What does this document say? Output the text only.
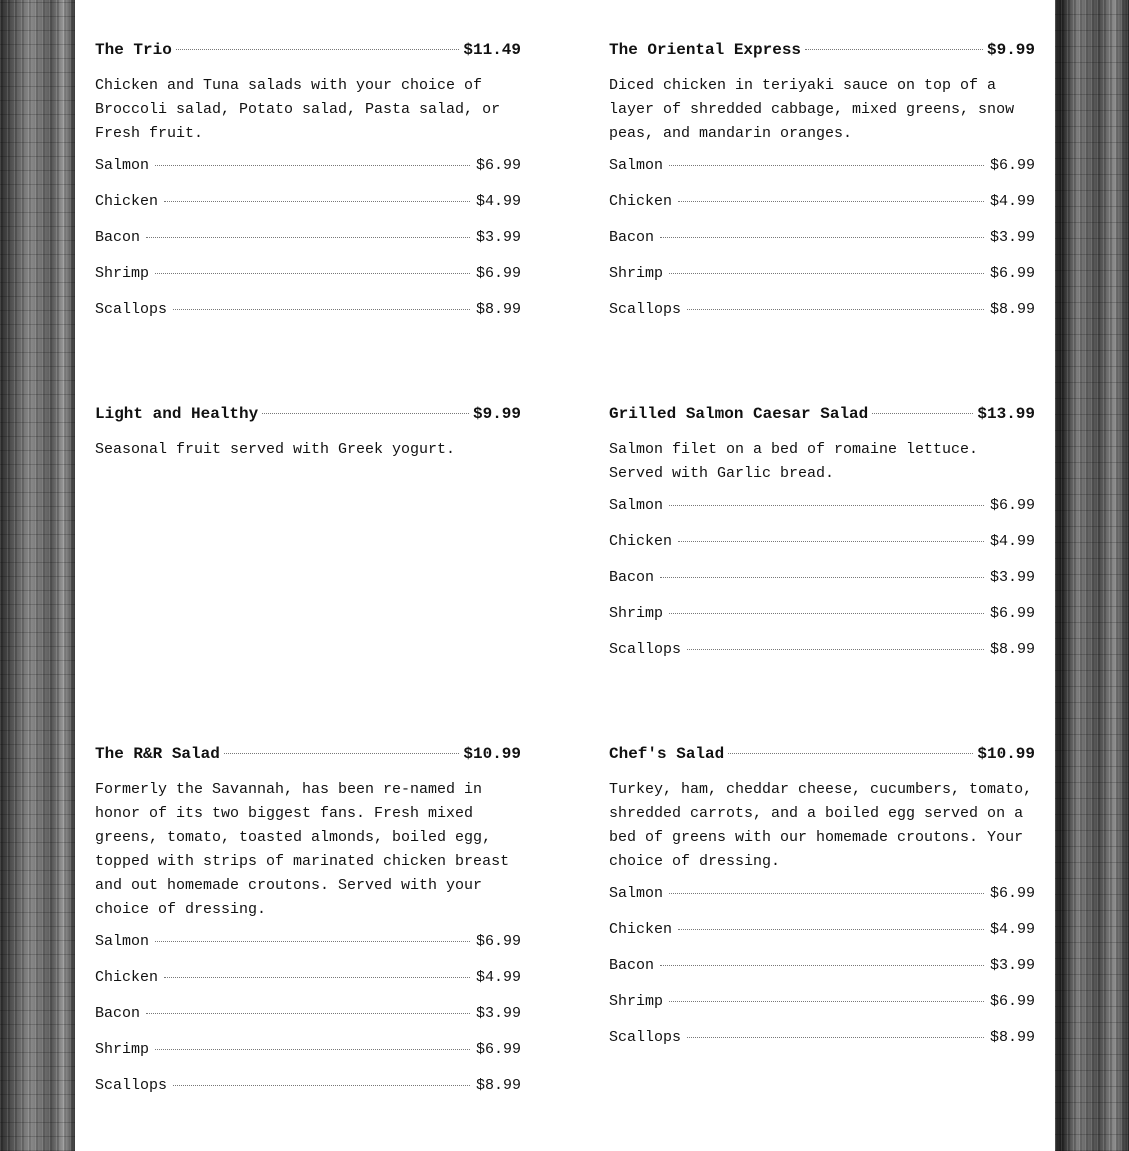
The Trio	$11.49
Chicken and Tuna salads with your choice of Broccoli salad, Potato salad, Pasta salad, or Fresh fruit.
Salmon	$6.99
Chicken	$4.99
Bacon	$3.99
Shrimp	$6.99
Scallops	$8.99
The Oriental Express	$9.99
Diced chicken in teriyaki sauce on top of a layer of shredded cabbage, mixed greens, snow peas, and mandarin oranges.
Salmon	$6.99
Chicken	$4.99
Bacon	$3.99
Shrimp	$6.99
Scallops	$8.99
Light and Healthy	$9.99
Seasonal fruit served with Greek yogurt.
Grilled Salmon Caesar Salad	$13.99
Salmon filet on a bed of romaine lettuce. Served with Garlic bread.
Salmon	$6.99
Chicken	$4.99
Bacon	$3.99
Shrimp	$6.99
Scallops	$8.99
The R&R Salad	$10.99
Formerly the Savannah, has been re-named in honor of its two biggest fans. Fresh mixed greens, tomato, toasted almonds, boiled egg, topped with strips of marinated chicken breast and out homemade croutons. Served with your choice of dressing.
Salmon	$6.99
Chicken	$4.99
Bacon	$3.99
Shrimp	$6.99
Scallops	$8.99
Chef's Salad	$10.99
Turkey, ham, cheddar cheese, cucumbers, tomato, shredded carrots, and a boiled egg served on a bed of greens with our homemade croutons. Your choice of dressing.
Salmon	$6.99
Chicken	$4.99
Bacon	$3.99
Shrimp	$6.99
Scallops	$8.99
